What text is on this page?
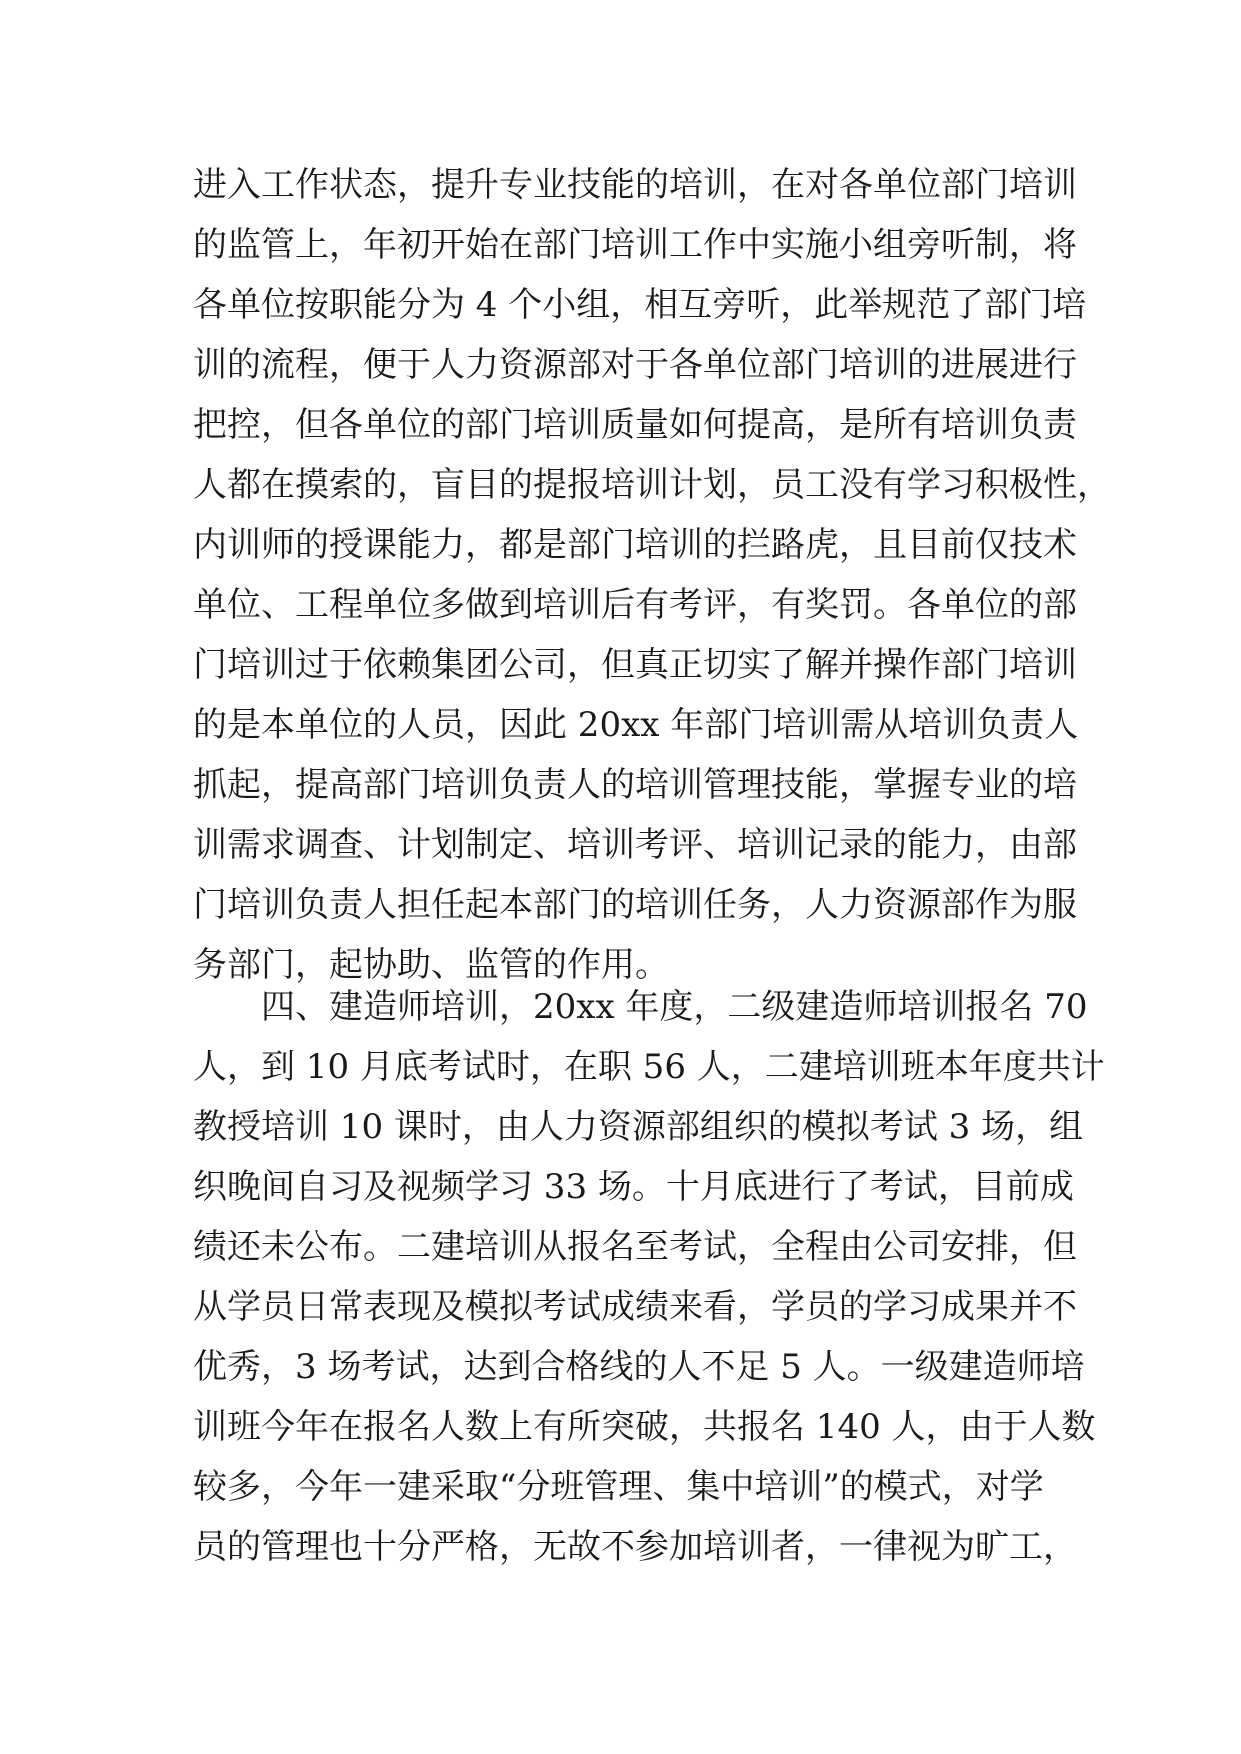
进入工作状态，提升专业技能的培训，在对各单位部门培训
的监管上，年初开始在部门培训工作中实施小组旁听制，将
各单位按职能分为 4 个小组，相互旁听，此举规范了部门培
训的流程，便于人力资源部对于各单位部门培训的进展进行
把控，但各单位的部门培训质量如何提高，是所有培训负责
人都在摸索的，盲目的提报培训计划，员工没有学习积极性，
内训师的授课能力，都是部门培训的拦路虎，且目前仅技术
单位、工程单位多做到培训后有考评，有奖罚。各单位的部
门培训过于依赖集团公司，但真正切实了解并操作部门培训
的是本单位的人员，因此 20xx 年部门培训需从培训负责人
抓起，提高部门培训负责人的培训管理技能，掌握专业的培
训需求调查、计划制定、培训考评、培训记录的能力，由部
门培训负责人担任起本部门的培训任务，人力资源部作为服
务部门，起协助、监管的作用。
　　四、建造师培训，20xx 年度，二级建造师培训报名 70
人，到 10 月底考试时，在职 56 人，二建培训班本年度共计
教授培训 10 课时，由人力资源部组织的模拟考试 3 场，组
织晚间自习及视频学习 33 场。十月底进行了考试，目前成
绩还未公布。二建培训从报名至考试，全程由公司安排，但
从学员日常表现及模拟考试成绩来看，学员的学习成果并不
优秀，3 场考试，达到合格线的人不足 5 人。一级建造师培
训班今年在报名人数上有所突破，共报名 140 人，由于人数
较多，今年一建采取“分班管理、集中培训”的模式，对学
员的管理也十分严格，无故不参加培训者，一律视为旷工，
